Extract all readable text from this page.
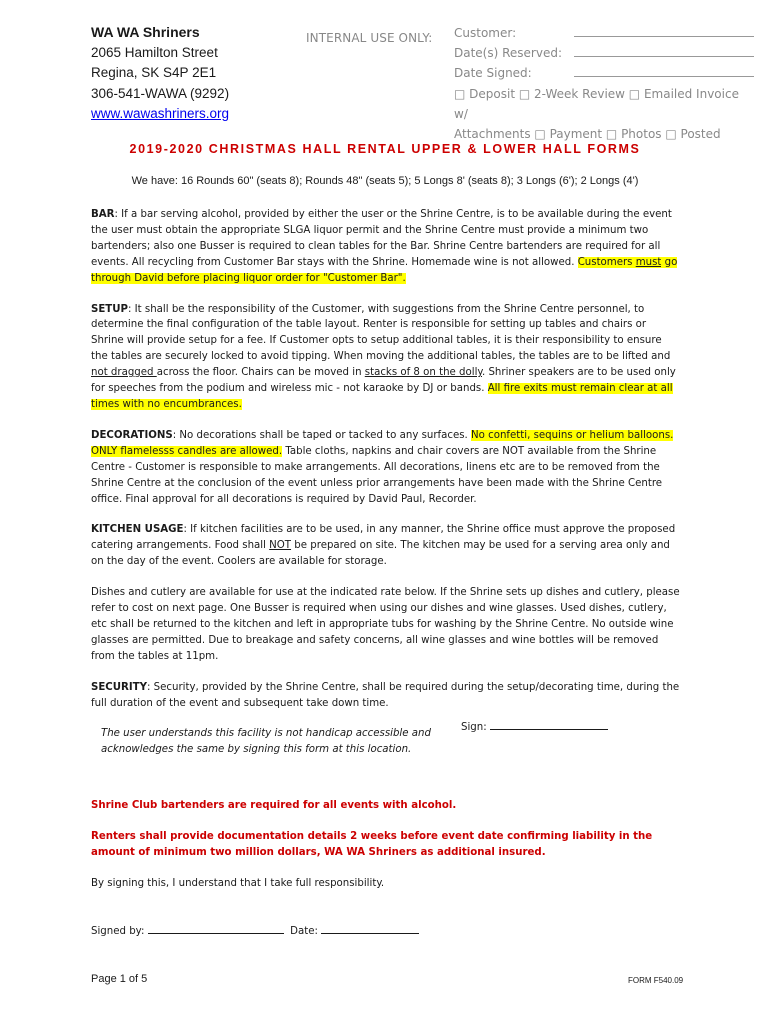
WA WA Shriners
2065 Hamilton Street
Regina, SK S4P 2E1
306-541-WAWA (9292)
www.wawashriners.org
INTERNAL USE ONLY: Customer:
Date(s) Reserved:
Date Signed:
□ Deposit □ 2-Week Review □ Emailed Invoice w/
Attachments □ Payment □ Photos □ Posted
2019-2020 CHRISTMAS HALL RENTAL UPPER & LOWER HALL FORMS
We have: 16 Rounds 60" (seats 8); Rounds 48" (seats 5); 5 Longs 8' (seats 8); 3 Longs (6'); 2 Longs (4')

BAR: If a bar serving alcohol, provided by either the user or the Shrine Centre, is to be available during the event the user must obtain the appropriate SLGA liquor permit and the Shrine Centre must provide a minimum two bartenders; also one Busser is required to clean tables for the Bar. Shrine Centre bartenders are required for all events. All recycling from Customer Bar stays with the Shrine. Homemade wine is not allowed. Customers must go through David before placing liquor order for "Customer Bar".

SETUP: It shall be the responsibility of the Customer, with suggestions from the Shrine Centre personnel, to determine the final configuration of the table layout. Renter is responsible for setting up tables and chairs or Shrine will provide setup for a fee. If Customer opts to setup additional tables, it is their responsibility to ensure the tables are securely locked to avoid tipping. When moving the additional tables, the tables are to be lifted and not dragged across the floor. Chairs can be moved in stacks of 8 on the dolly. Shriner speakers are to be used only for speeches from the podium and wireless mic - not karaoke by DJ or bands. All fire exits must remain clear at all times with no encumbrances.

DECORATIONS: No decorations shall be taped or tacked to any surfaces. No confetti, sequins or helium balloons. ONLY flamelesss candles are allowed. Table cloths, napkins and chair covers are NOT available from the Shrine Centre - Customer is responsible to make arrangements. All decorations, linens etc are to be removed from the Shrine Centre at the conclusion of the event unless prior arrangements have been made with the Shrine Centre office. Final approval for all decorations is required by David Paul, Recorder.

KITCHEN USAGE: If kitchen facilities are to be used, in any manner, the Shrine office must approve the proposed catering arrangements. Food shall NOT be prepared on site. The kitchen may be used for a serving area only and on the day of the event. Coolers are available for storage.

Dishes and cutlery are available for use at the indicated rate below. If the Shrine sets up dishes and cutlery, please refer to cost on next page. One Busser is required when using our dishes and wine glasses. Used dishes, cutlery, etc shall be returned to the kitchen and left in appropriate tubs for washing by the Shrine Centre. No outside wine glasses are permitted. Due to breakage and safety concerns, all wine glasses and wine bottles will be removed from the tables at 11pm.

SECURITY: Security, provided by the Shrine Centre, shall be required during the setup/decorating time, during the full duration of the event and subsequent take down time.

The user understands this facility is not handicap accessible and acknowledges the same by signing this form at this location.
Sign:

Shrine Club bartenders are required for all events with alcohol.

Renters shall provide documentation details 2 weeks before event date confirming liability in the amount of minimum two million dollars, WA WA Shriners as additional insured.

By signing this, I understand that I take full responsibility.

Signed by:	Date:

Page 1 of 5	FORM F540.09
